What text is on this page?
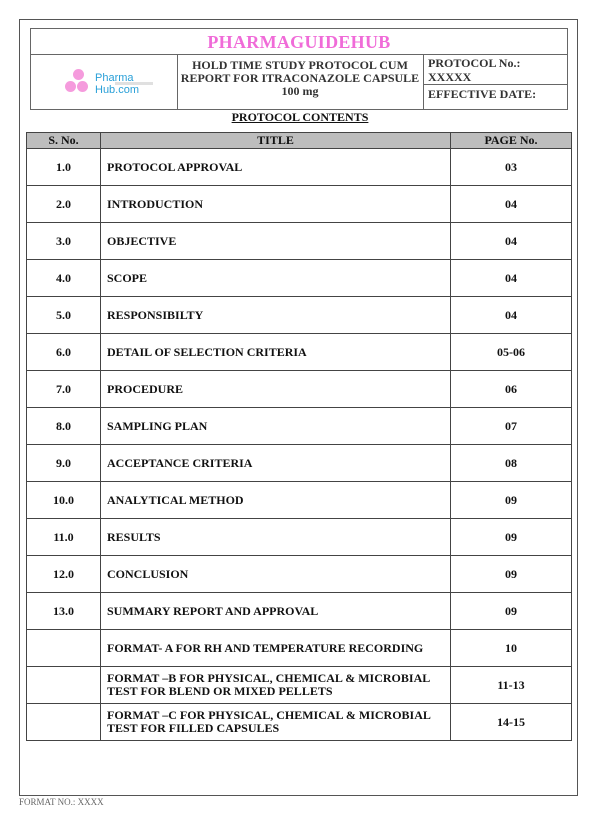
PHARMAGUIDEHUB
Pharma
Hub.com
HOLD TIME STUDY PROTOCOL CUM REPORT FOR ITRACONAZOLE CAPSULE 100 mg
PROTOCOL No.:
XXXXX
EFFECTIVE DATE:
PROTOCOL CONTENTS
S. No.	TITLE	PAGE No.
1.0	PROTOCOL APPROVAL	03
2.0	INTRODUCTION	04
3.0	OBJECTIVE	04
4.0	SCOPE	04
5.0	RESPONSIBILTY	04
6.0	DETAIL OF SELECTION CRITERIA	05-06
7.0	PROCEDURE	06
8.0	SAMPLING PLAN	07
9.0	ACCEPTANCE CRITERIA	08
10.0	ANALYTICAL METHOD	09
11.0	RESULTS	09
12.0	CONCLUSION	09
13.0	SUMMARY REPORT AND APPROVAL	09
	FORMAT- A FOR RH AND TEMPERATURE RECORDING	10
	FORMAT –B FOR PHYSICAL, CHEMICAL & MICROBIAL TEST FOR BLEND OR MIXED PELLETS	11-13
	FORMAT –C FOR PHYSICAL, CHEMICAL & MICROBIAL TEST FOR FILLED CAPSULES	14-15
FORMAT NO.: XXXX
